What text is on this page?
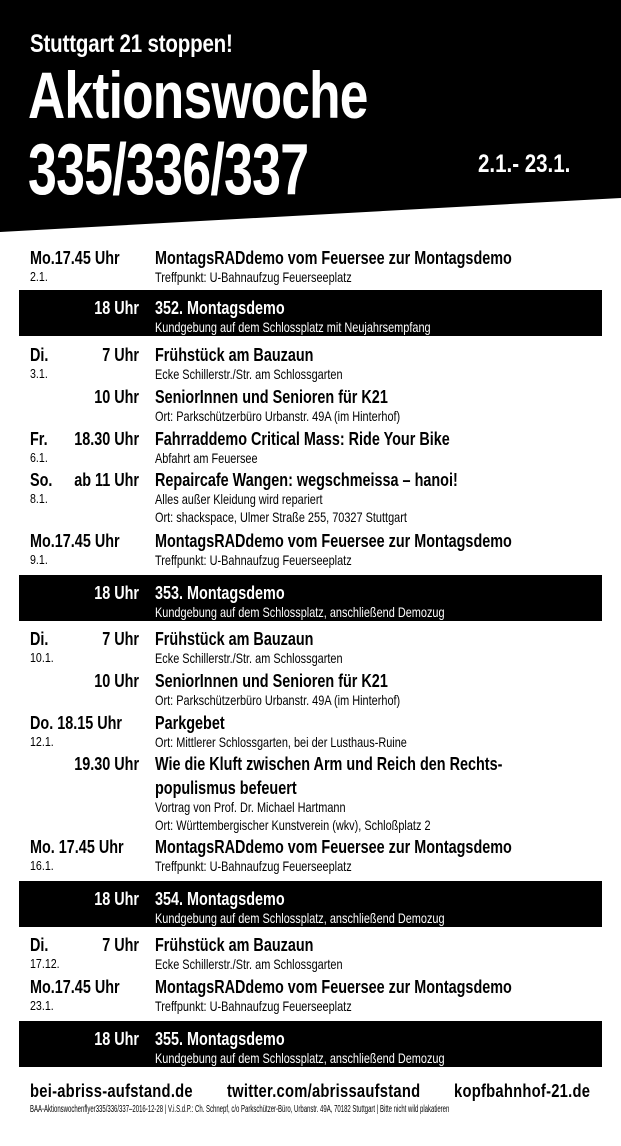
Stuttgart 21 stoppen!
Aktionswoche
335/336/337	2.1.- 23.1.
Mo.17.45 Uhr
2.1.
MontagsRADdemo vom Feuersee zur Montagsdemo
Treffpunkt: U-Bahnaufzug Feuerseeplatz
18 Uhr 352. Montagsdemo
Kundgebung auf dem Schlossplatz mit Neujahrsempfang
Di.	7 Uhr
3.1.
Frühstück am Bauzaun
Ecke Schillerstr./Str. am Schlossgarten
10 Uhr SeniorInnen und Senioren für K21
Ort: Parkschützerbüro Urbanstr. 49A (im Hinterhof)
Fr. 18.30 Uhr
6.1.
Fahrraddemo Critical Mass: Ride Your Bike
Abfahrt am Feuersee
So. ab 11 Uhr
8.1.
Repaircafe Wangen: wegschmeissa – hanoi!
Alles außer Kleidung wird repariert
Ort: shackspace, Ulmer Straße 255, 70327 Stuttgart
Mo.17.45 Uhr
9.1.
MontagsRADdemo vom Feuersee zur Montagsdemo
Treffpunkt: U-Bahnaufzug Feuerseeplatz
18 Uhr 353. Montagsdemo
Kundgebung auf dem Schlossplatz, anschließend Demozug
Di.	7 Uhr
10.1.
Frühstück am Bauzaun
Ecke Schillerstr./Str. am Schlossgarten
10 Uhr SeniorInnen und Senioren für K21
Ort: Parkschützerbüro Urbanstr. 49A (im Hinterhof)
Do. 18.15 Uhr
12.1.
Parkgebet
Ort: Mittlerer Schlossgarten, bei der Lusthaus-Ruine
19.30 Uhr Wie die Kluft zwischen Arm und Reich den Rechts-
populismus befeuert
Vortrag von Prof. Dr. Michael Hartmann
Ort: Württembergischer Kunstverein (wkv), Schloßplatz 2
Mo. 17.45 Uhr
16.1.
MontagsRADdemo vom Feuersee zur Montagsdemo
Treffpunkt: U-Bahnaufzug Feuerseeplatz
18 Uhr 354. Montagsdemo
Kundgebung auf dem Schlossplatz, anschließend Demozug
Di.	7 Uhr
17.12.
Frühstück am Bauzaun
Ecke Schillerstr./Str. am Schlossgarten
Mo.17.45 Uhr
23.1.
MontagsRADdemo vom Feuersee zur Montagsdemo
Treffpunkt: U-Bahnaufzug Feuerseeplatz
18 Uhr 355. Montagsdemo
Kundgebung auf dem Schlossplatz, anschließend Demozug
bei-abriss-aufstand.de twitter.com/abrissaufstand kopfbahnhof-21.de
BAA-Aktionswochenflyer335/336/337–2016-12-28 | V.i.S.d.P.: Ch. Schnepf, c/o Parkschützer-Büro, Urbanstr. 49A, 70182 Stuttgart | Bitte nicht wild plakatieren
